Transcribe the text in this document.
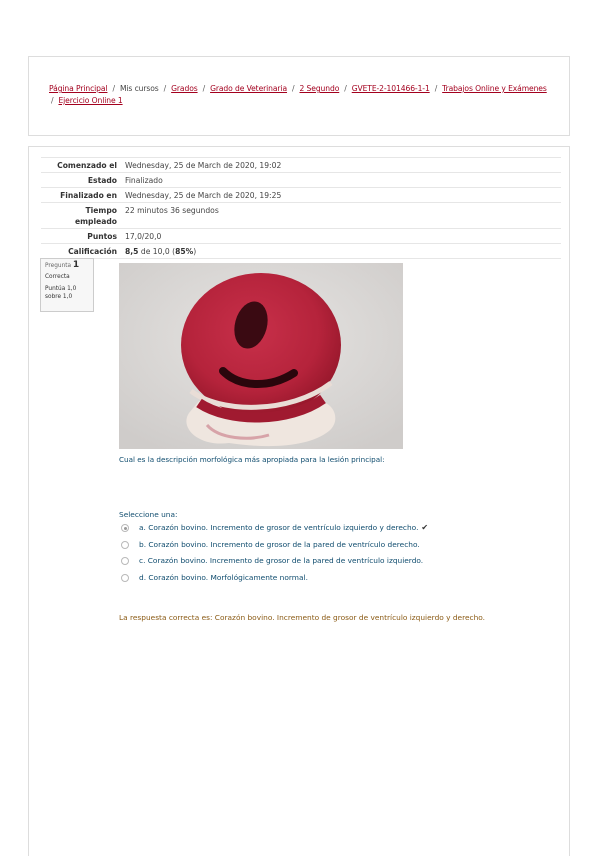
Página Principal / Mis cursos / Grados / Grado de Veterinaria / 2 Segundo / GVETE-2-101466-1-1 / Trabajos Online y Exámenes
/ Ejercicio Online 1
Comenzado el	Wednesday, 25 de March de 2020, 19:02
Estado	Finalizado
Finalizado en	Wednesday, 25 de March de 2020, 19:25
Tiempo empleado	22 minutos 36 segundos
Puntos	17,0/20,0
Calificación	8,5 de 10,0 (85%)
Pregunta 1
Correcta
Puntúa 1,0 sobre 1,0
Cual es la descripción morfológica más apropiada para la lesión principal:
Seleccione una:
a. Corazón bovino. Incremento de grosor de ventrículo izquierdo y derecho. ✔
b. Corazón bovino. Incremento de grosor de la pared de ventrículo derecho.
c. Corazón bovino. Incremento de grosor de la pared de ventrículo izquierdo.
d. Corazón bovino. Morfológicamente normal.
La respuesta correcta es: Corazón bovino. Incremento de grosor de ventrículo izquierdo y derecho.
